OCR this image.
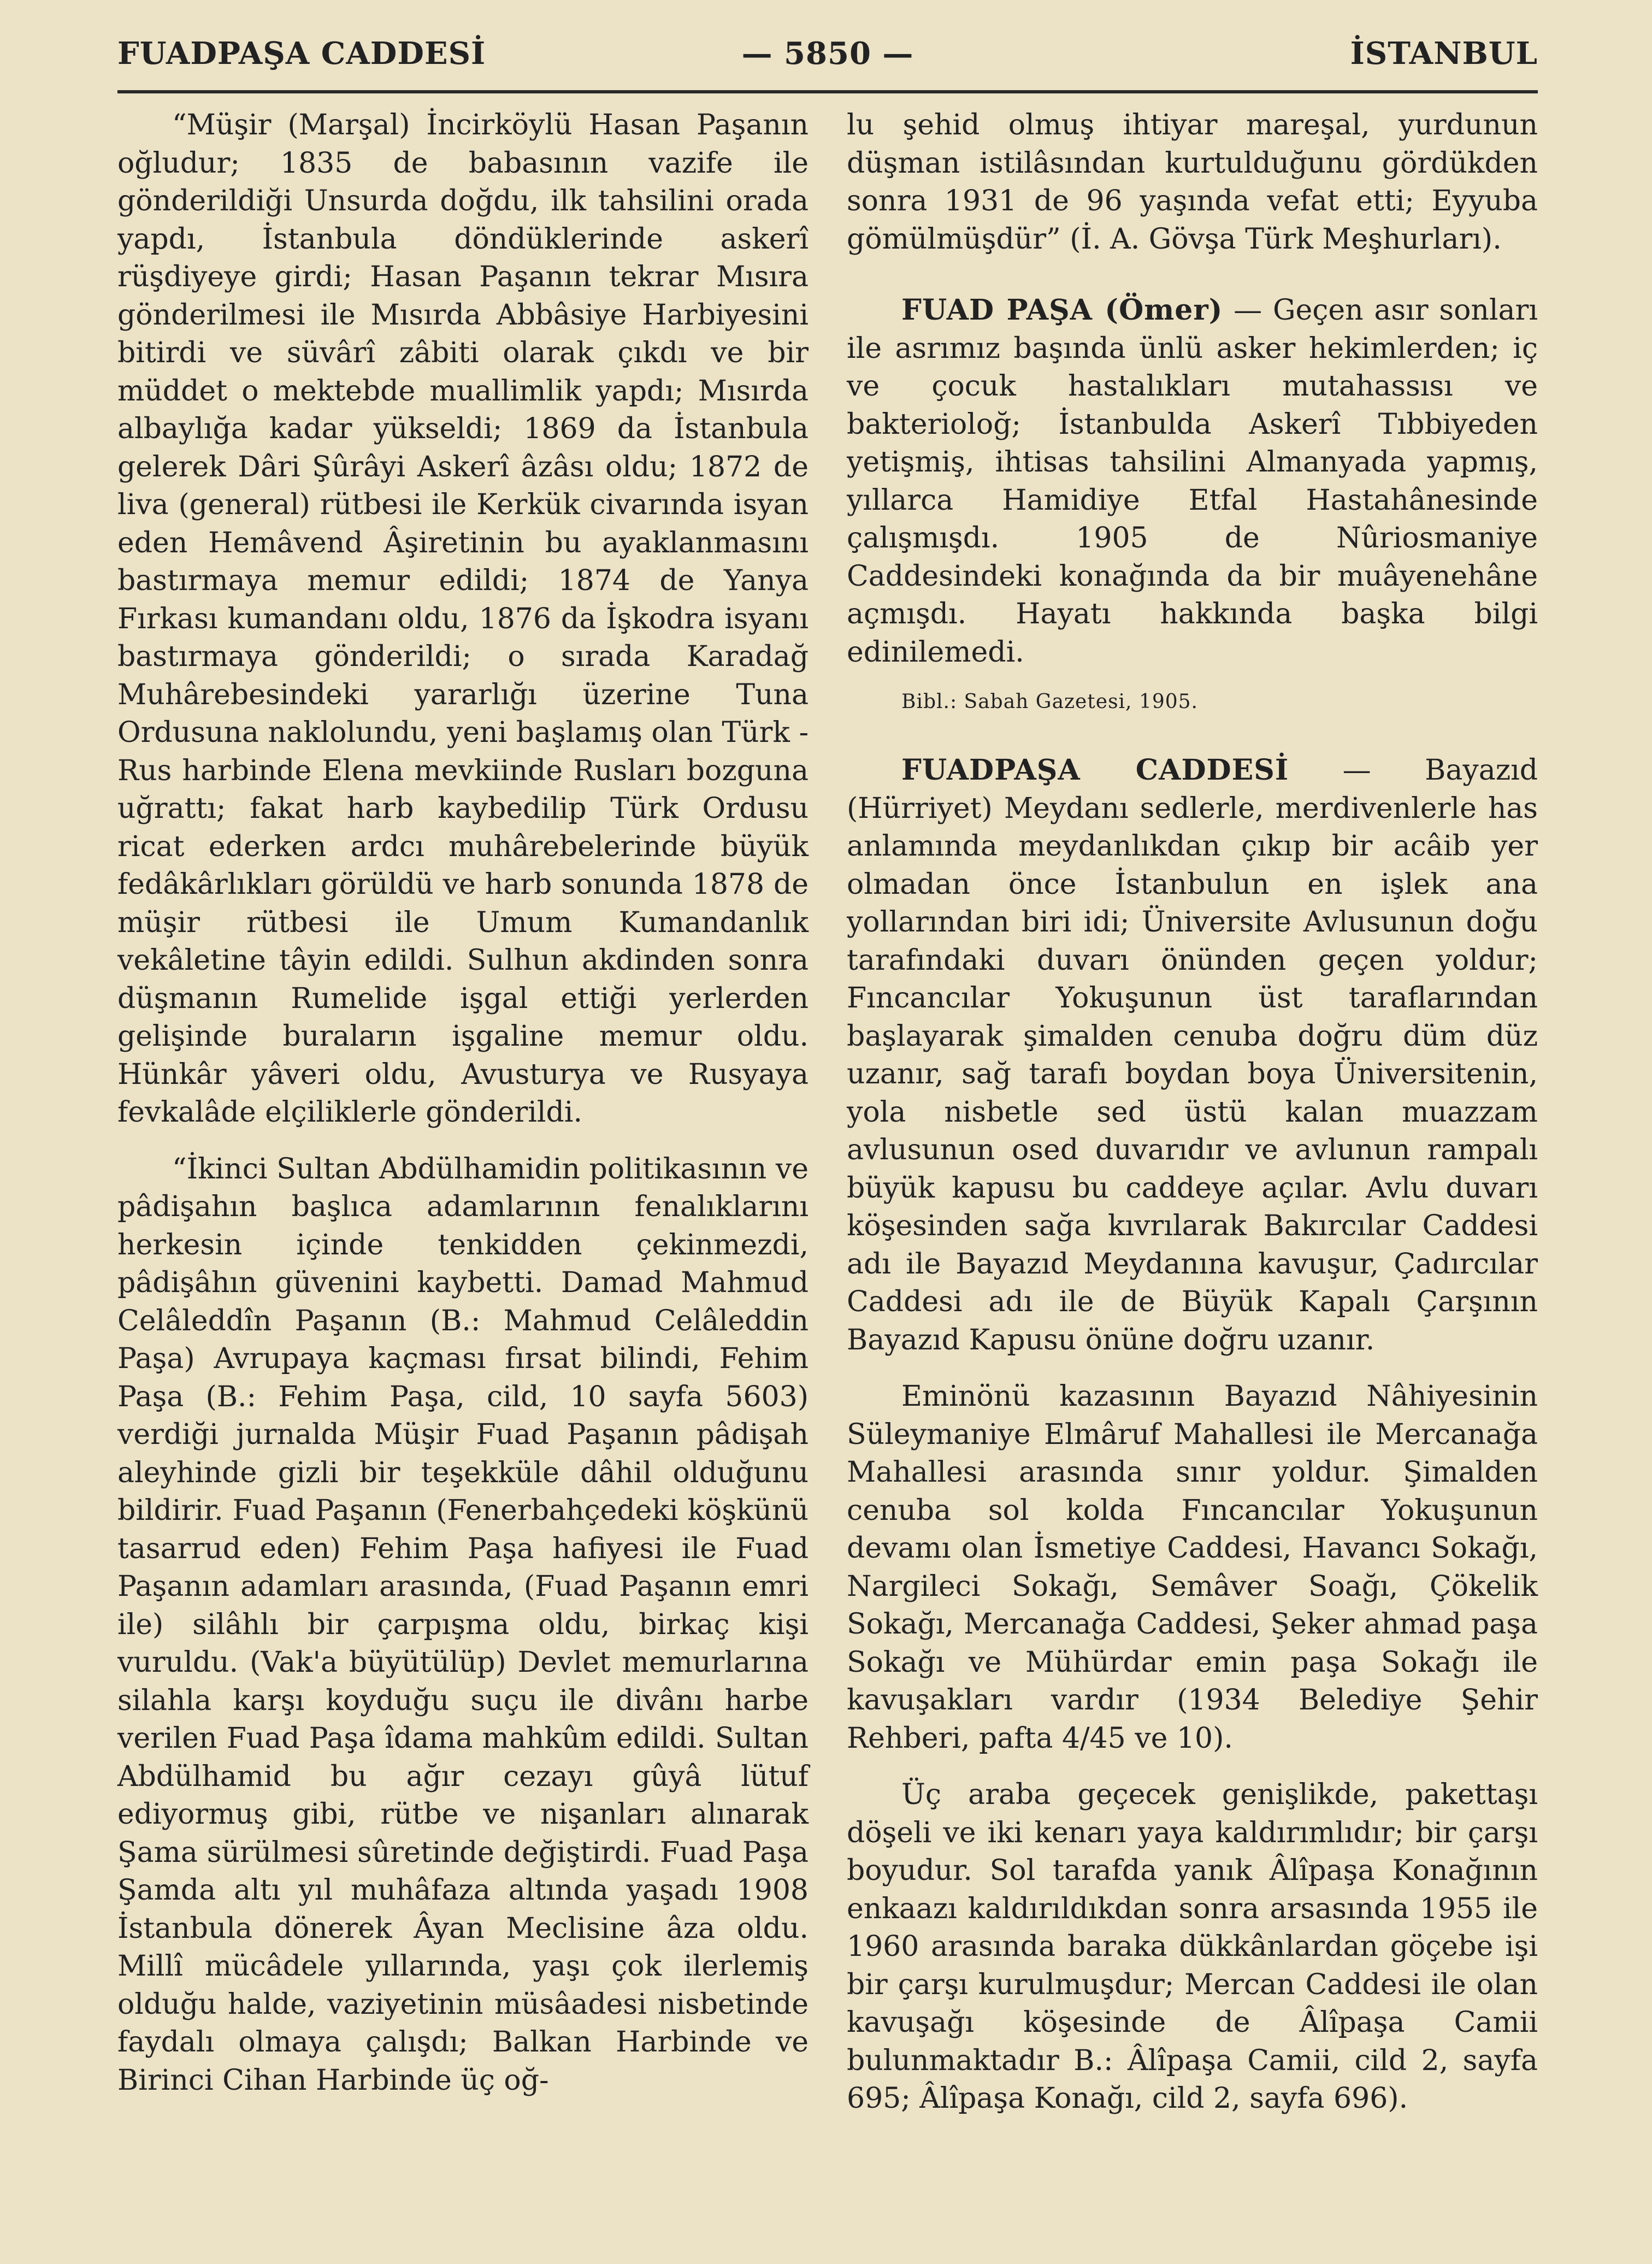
FUADPAŞA CADDESİ	— 5850 —	İSTANBUL

“Müşir (Marşal) İncirköylü Hasan Paşanın oğludur; 1835 de babasının vazife ile gönderildiği Unsurda doğdu, ilk tahsilini orada yapdı, İstanbula döndüklerinde askerî rüşdiyeye girdi; Hasan Paşanın tekrar Mısıra gönderilmesi ile Mısırda Abbâsiye Harbiyesini bitirdi ve süvârî zâbiti olarak çıkdı ve bir müddet o mektebde muallimlik yapdı; Mısırda albaylığa kadar yükseldi; 1869 da İstanbula gelerek Dâri Şûrâyi Askerî âzâsı oldu; 1872 de liva (general) rütbesi ile Kerkük civarında isyan eden Hemâvend Âşiretinin bu ayaklanmasını bastırmaya memur edildi; 1874 de Yanya Fırkası kumandanı oldu, 1876 da İşkodra isyanı bastırmaya gönderildi; o sırada Karadağ Muhârebesindeki yararlığı üzerine Tuna Ordusuna naklolundu, yeni başlamış olan Türk - Rus harbinde Elena mevkiinde Rusları bozguna uğrattı; fakat harb kaybedilip Türk Ordusu ricat ederken ardcı muhârebelerinde büyük fedâkârlıkları görüldü ve harb sonunda 1878 de müşir rütbesi ile Umum Kumandanlık vekâletine tâyin edildi. Sulhun akdinden sonra düşmanın Rumelide işgal ettiği yerlerden gelişinde buraların işgaline memur oldu. Hünkâr yâveri oldu, Avusturya ve Rusyaya fevkalâde elçiliklerle gönderildi.

“İkinci Sultan Abdülhamidin politikasının ve pâdişahın başlıca adamlarının fenalıklarını herkesin içinde tenkidden çekinmezdi, pâdişâhın güvenini kaybetti. Damad Mahmud Celâleddîn Paşanın (B.: Mahmud Celâleddin Paşa) Avrupaya kaçması fırsat bilindi, Fehim Paşa (B.: Fehim Paşa, cild, 10 sayfa 5603) verdiği jurnalda Müşir Fuad Paşanın pâdişah aleyhinde gizli bir teşekküle dâhil olduğunu bildirir. Fuad Paşanın (Fenerbahçedeki köşkünü tasarrud eden) Fehim Paşa hafiyesi ile Fuad Paşanın adamları arasında, (Fuad Paşanın emri ile) silâhlı bir çarpışma oldu, birkaç kişi vuruldu. (Vak'a büyütülüp) Devlet memurlarına silahla karşı koyduğu suçu ile divânı harbe verilen Fuad Paşa îdama mahkûm edildi. Sultan Abdülhamid bu ağır cezayı gûyâ lütuf ediyormuş gibi, rütbe ve nişanları alınarak Şama sürülmesi sûretinde değiştirdi. Fuad Paşa Şamda altı yıl muhâfaza altında yaşadı 1908 İstanbula dönerek Âyan Meclisine âza oldu. Millî mücâdele yıllarında, yaşı çok ilerlemiş olduğu halde, vaziyetinin müsâadesi nisbetinde faydalı olmaya çalışdı; Balkan Harbinde ve Birinci Cihan Harbinde üç oğ-

lu şehid olmuş ihtiyar mareşal, yurdunun düşman istilâsından kurtulduğunu gördükden sonra 1931 de 96 yaşında vefat etti; Eyyuba gömülmüşdür” (İ. A. Gövşa Türk Meşhurları).

FUAD PAŞA (Ömer) — Geçen asır sonları ile asrımız başında ünlü asker hekimlerden; iç ve çocuk hastalıkları mutahassısı ve bakterioloğ; İstanbulda Askerî Tıbbiyeden yetişmiş, ihtisas tahsilini Almanyada yapmış, yıllarca Hamidiye Etfal Hastahânesinde çalışmışdı. 1905 de Nûriosmaniye Caddesindeki konağında da bir muâyenehâne açmışdı. Hayatı hakkında başka bilgi edinilemedi.

Bibl.: Sabah Gazetesi, 1905.

FUADPAŞA CADDESİ — Bayazıd (Hürriyet) Meydanı sedlerle, merdivenlerle has anlamında meydanlıkdan çıkıp bir acâib yer olmadan önce İstanbulun en işlek ana yollarından biri idi; Üniversite Avlusunun doğu tarafındaki duvarı önünden geçen yoldur; Fıncancılar Yokuşunun üst taraflarından başlayarak şimalden cenuba doğru düm düz uzanır, sağ tarafı boydan boya Üniversitenin, yola nisbetle sed üstü kalan muazzam avlusunun osed duvarıdır ve avlunun rampalı büyük kapusu bu caddeye açılar. Avlu duvarı köşesinden sağa kıvrılarak Bakırcılar Caddesi adı ile Bayazıd Meydanına kavuşur, Çadırcılar Caddesi adı ile de Büyük Kapalı Çarşının Bayazıd Kapusu önüne doğru uzanır.

Eminönü kazasının Bayazıd Nâhiyesinin Süleymaniye Elmâruf Mahallesi ile Mercanağa Mahallesi arasında sınır yoldur. Şimalden cenuba sol kolda Fıncancılar Yokuşunun devamı olan İsmetiye Caddesi, Havancı Sokağı, Nargileci Sokağı, Semâver Soağı, Çökelik Sokağı, Mercanağa Caddesi, Şeker ahmad paşa Sokağı ve Mühürdar emin paşa Sokağı ile kavuşakları vardır (1934 Belediye Şehir Rehberi, pafta 4/45 ve 10).

Üç araba geçecek genişlikde, pakettaşı döşeli ve iki kenarı yaya kaldırımlıdır; bir çarşı boyudur. Sol tarafda yanık Âlîpaşa Konağının enkaazı kaldırıldıkdan sonra arsasında 1955 ile 1960 arasında baraka dükkânlardan göçebe işi bir çarşı kurulmuşdur; Mercan Caddesi ile olan kavuşağı köşesinde de Âlîpaşa Camii bulunmaktadır B.: Âlîpaşa Camii, cild 2, sayfa 695; Âlîpaşa Konağı, cild 2, sayfa 696).
